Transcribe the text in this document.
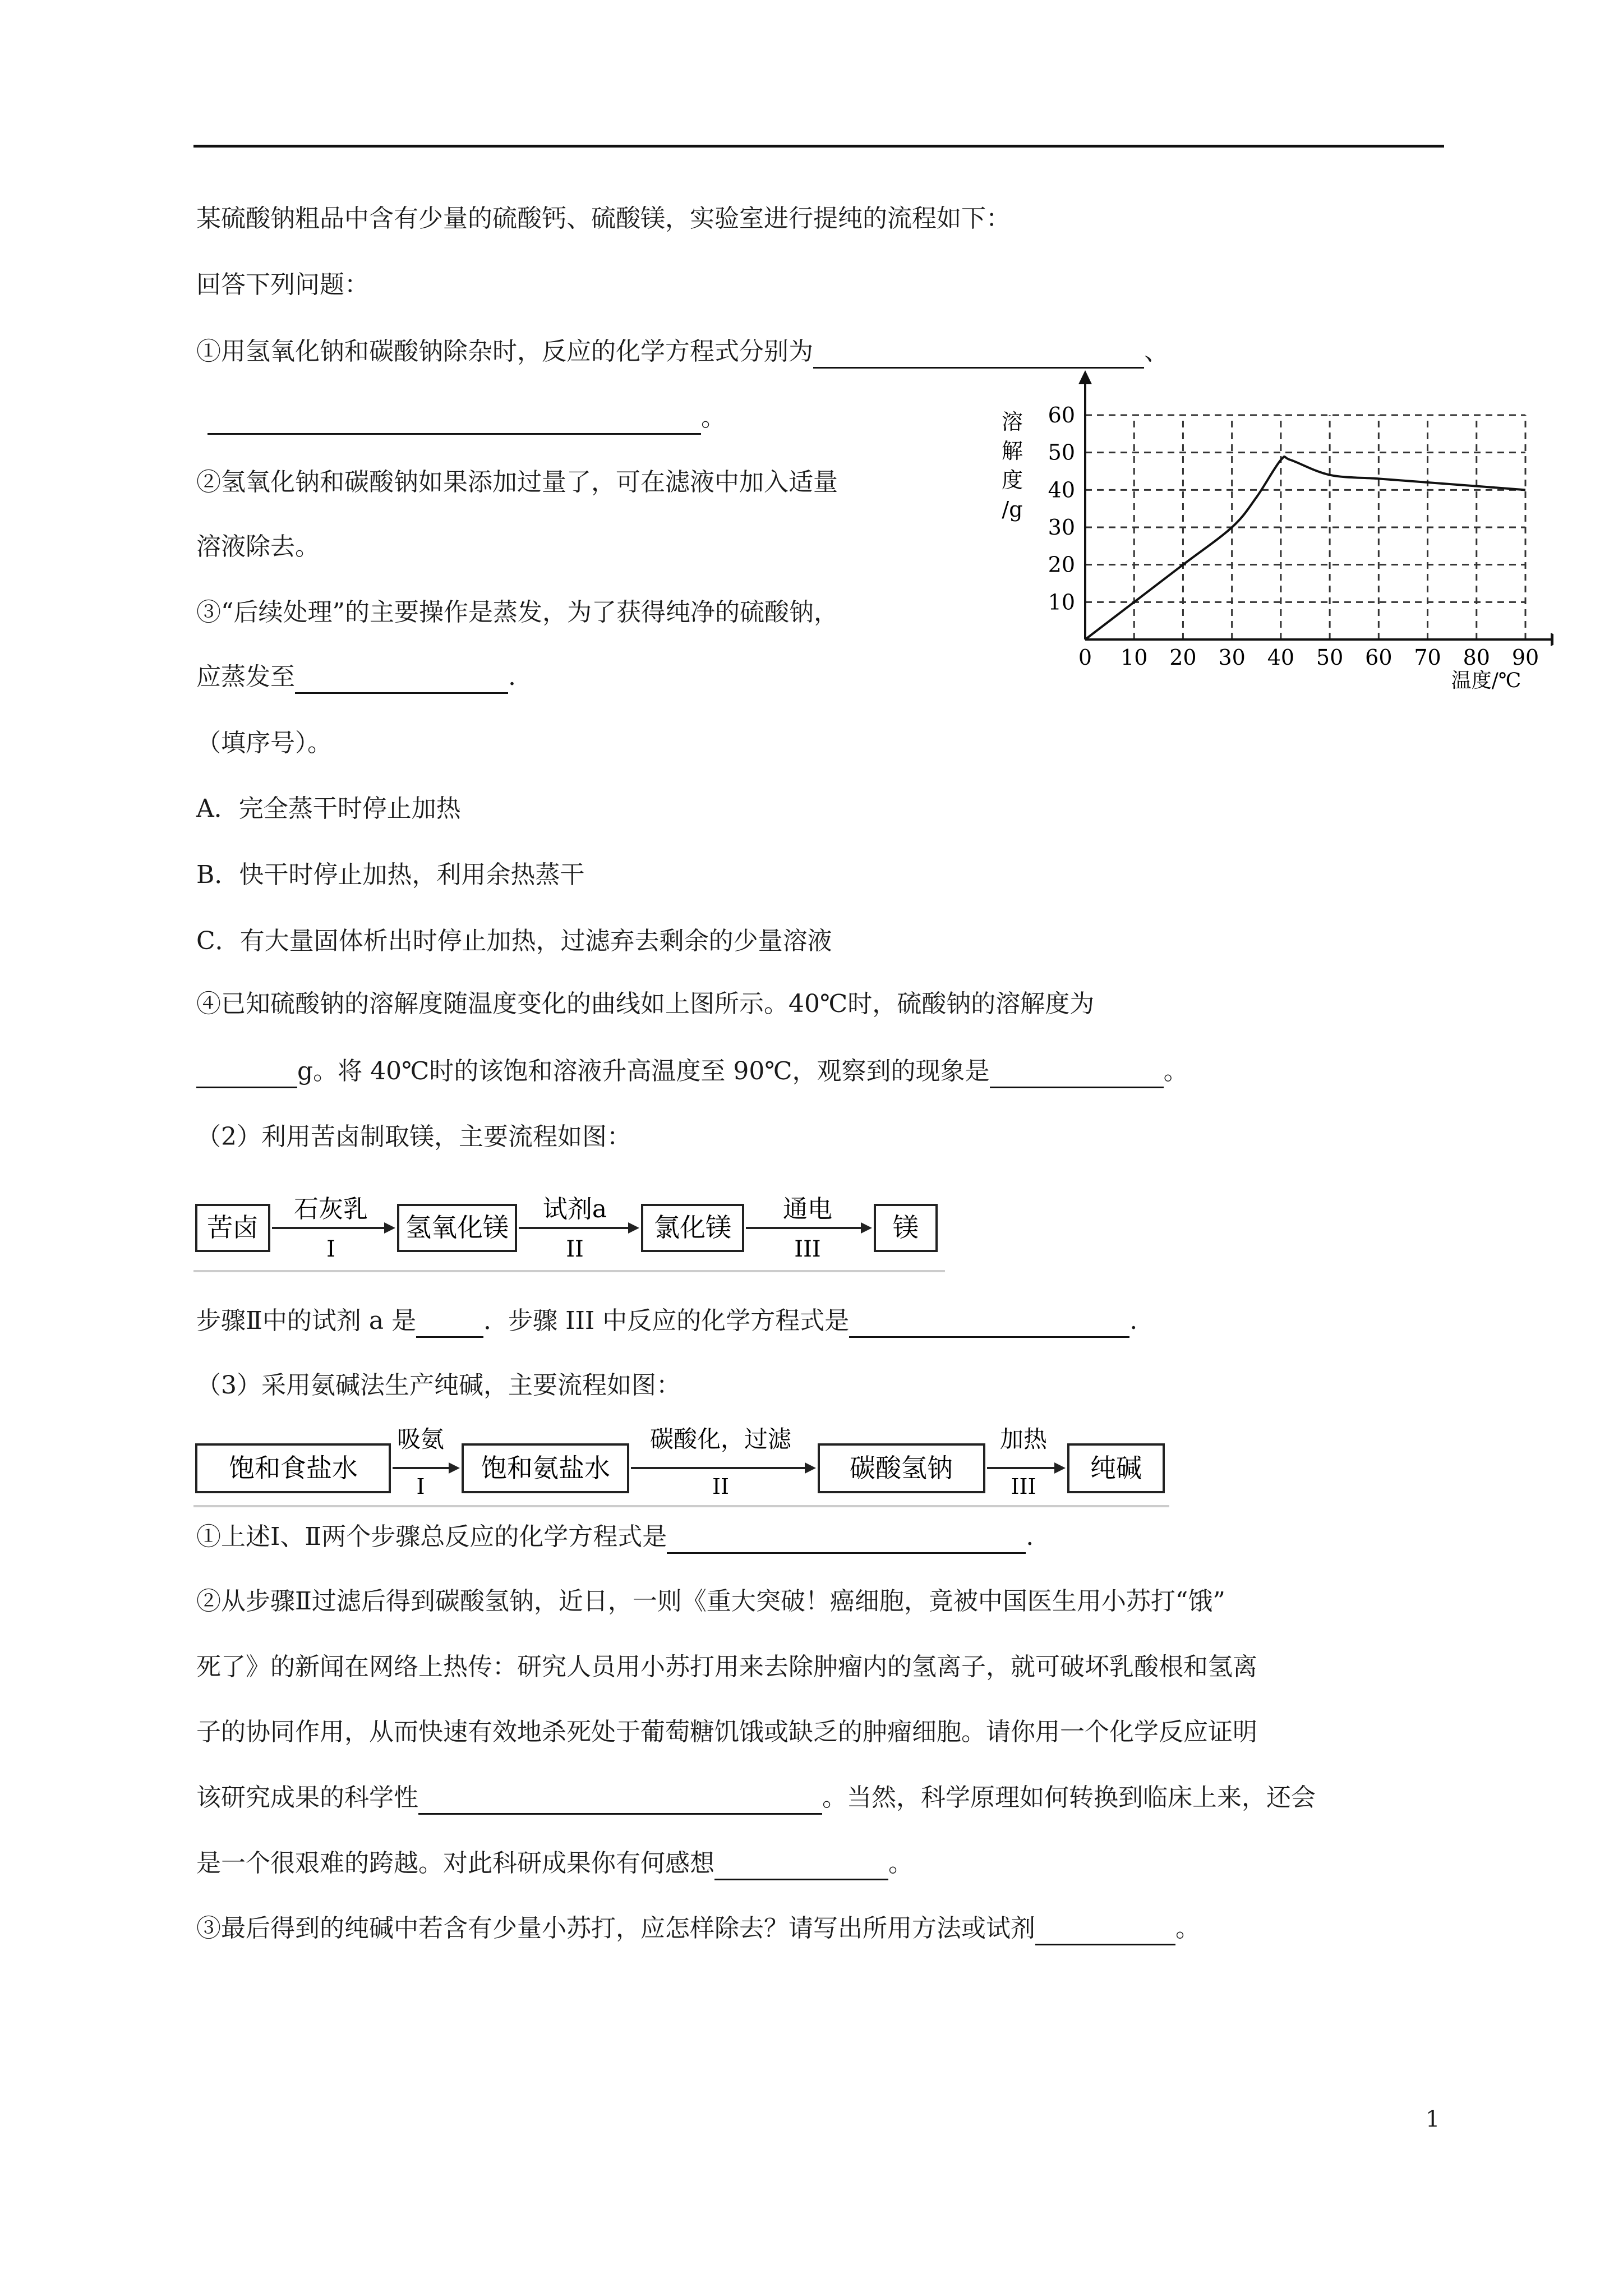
某硫酸钠粗品中含有少量的硫酸钙、硫酸镁，实验室进行提纯的流程如下：
回答下列问题：
①用氢氧化钠和碳酸钠除杂时，反应的化学方程式分别为	、
。
②氢氧化钠和碳酸钠如果添加过量了，可在滤液中加入适量
溶液除去。
③“后续处理”的主要操作是蒸发，为了获得纯净的硫酸钠，
应蒸发至	.
（填序号）。
A．完全蒸干时停止加热
B．快干时停止加热，利用余热蒸干
C．有大量固体析出时停止加热，过滤弃去剩余的少量溶液
④已知硫酸钠的溶解度随温度变化的曲线如上图所示。40℃时，硫酸钠的溶解度为
g。将 40℃时的该饱和溶液升高温度至 90℃，观察到的现象是	。
（2）利用苦卤制取镁，主要流程如图：
苦卤
石灰乳
I
氢氧化镁
试剂a
II
氯化镁
通电
III
镁
步骤Ⅱ中的试剂 a 是	．步骤 III 中反应的化学方程式是	.
（3）采用氨碱法生产纯碱，主要流程如图：
饱和食盐水
吸氨
I
饱和氨盐水
碳酸化，过滤
II
碳酸氢钠
加热
III
纯碱
①上述Ⅰ、Ⅱ两个步骤总反应的化学方程式是	.
②从步骤Ⅱ过滤后得到碳酸氢钠，近日，一则《重大突破！癌细胞，竟被中国医生用小苏打“饿”
死了》的新闻在网络上热传：研究人员用小苏打用来去除肿瘤内的氢离子，就可破坏乳酸根和氢离
子的协同作用，从而快速有效地杀死处于葡萄糖饥饿或缺乏的肿瘤细胞。请你用一个化学反应证明
该研究成果的科学性	。当然，科学原理如何转换到临床上来，还会
是一个很艰难的跨越。对此科研成果你有何感想	。
③最后得到的纯碱中若含有少量小苏打，应怎样除去？请写出所用方法或试剂	。
0 10 20 30 40 50 60 70 80 90
10
20
30
40
50
60
溶
解
度
/g
温度/℃
1
